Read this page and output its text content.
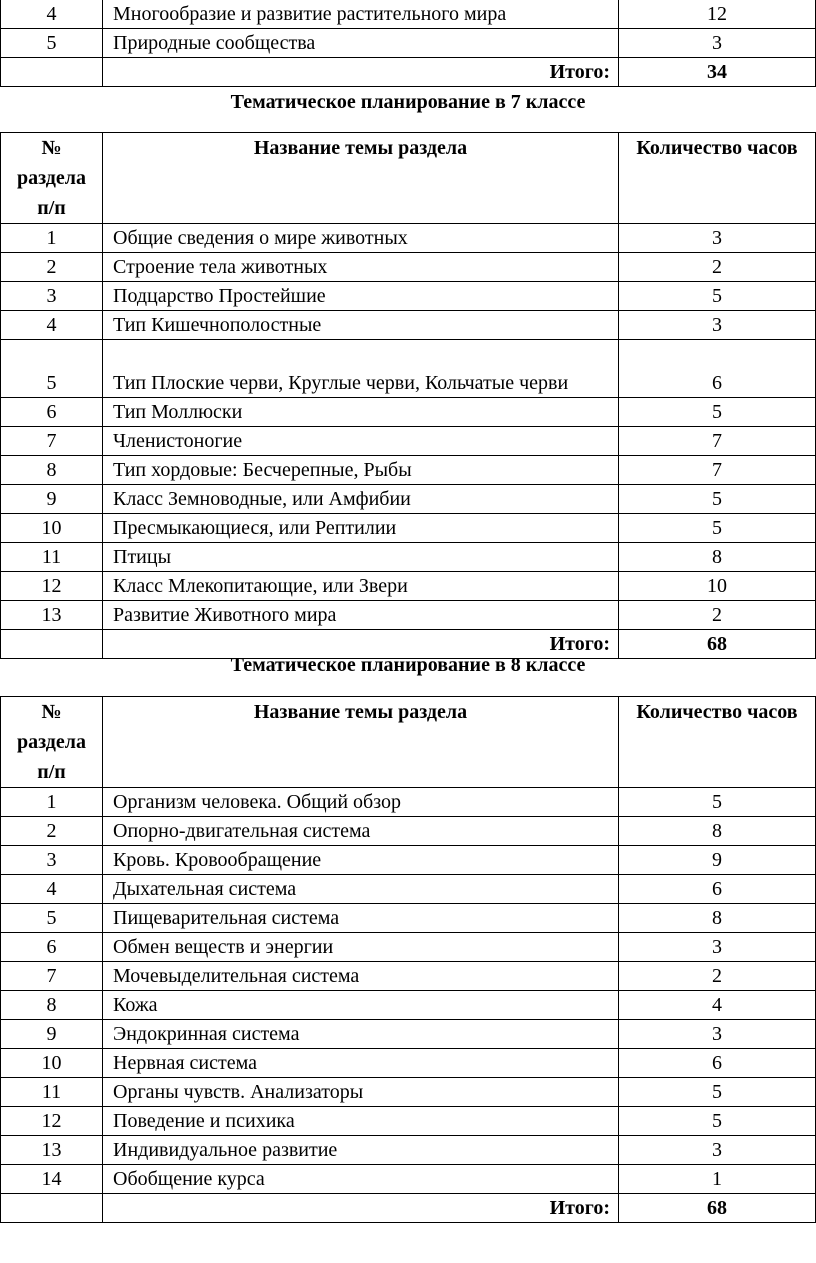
4	Многообразие и развитие растительного мира	12
5	Природные сообщества	3
	Итого:	34

Тематическое планирование в 7 классе

№ раздела п/п	Название темы раздела	Количество часов
1	Общие сведения о мире животных	3
2	Строение тела животных	2
3	Подцарство Простейшие	5
4	Тип Кишечнополостные	3
5	Тип Плоские черви, Круглые черви, Кольчатые черви	6
6	Тип Моллюски	5
7	Членистоногие	7
8	Тип хордовые: Бесчерепные, Рыбы	7
9	Класс Земноводные, или Амфибии	5
10	Пресмыкающиеся, или Рептилии	5
11	Птицы	8
12	Класс Млекопитающие, или Звери	10
13	Развитие Животного мира	2
	Итого:	68

Тематическое планирование в 8 классе

№ раздела п/п	Название темы раздела	Количество часов
1	Организм человека. Общий обзор	5
2	Опорно-двигательная система	8
3	Кровь. Кровообращение	9
4	Дыхательная система	6
5	Пищеварительная система	8
6	Обмен веществ и энергии	3
7	Мочевыделительная система	2
8	Кожа	4
9	Эндокринная система	3
10	Нервная система	6
11	Органы чувств. Анализаторы	5
12	Поведение и психика	5
13	Индивидуальное развитие	3
14	Обобщение курса	1
	Итого:	68
